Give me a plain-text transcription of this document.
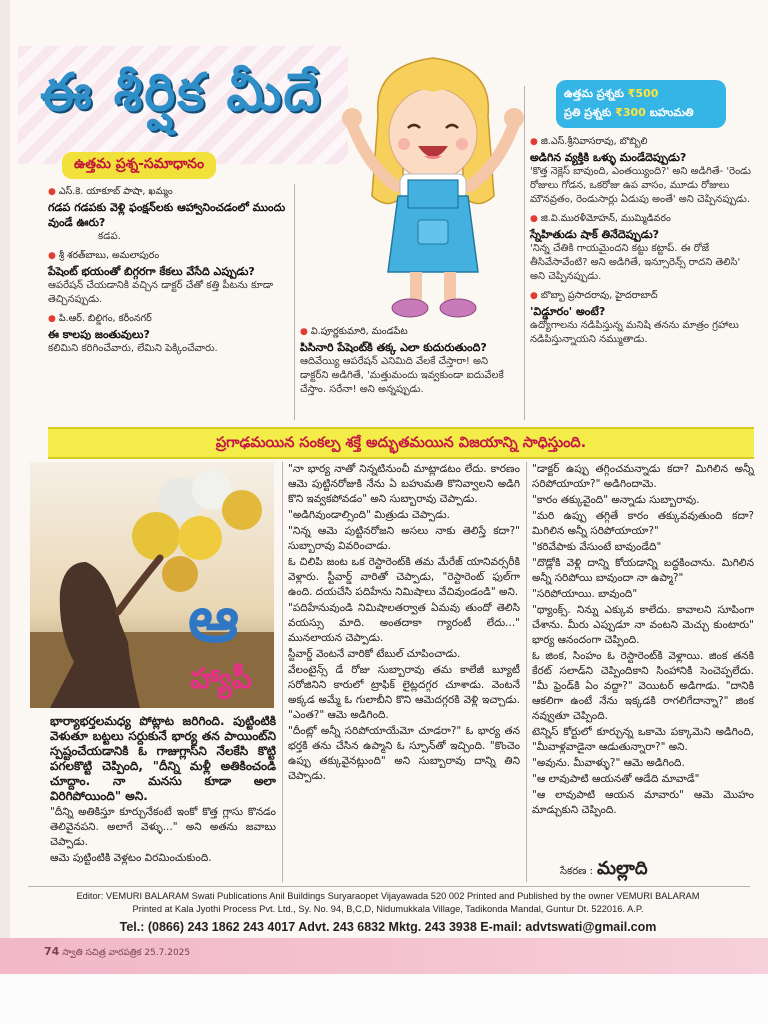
ఈ శీర్షిక మీదే
ఉత్తమ ప్రశ్న-సమాధానం
ఉత్తమ ప్రశ్నకు ₹500
ప్రతి ప్రశ్నకు ₹300 బహుమతి
● ఎస్.కె. యాకూబ్ పాషా, ఖమ్మం
గడప గడపకు వెళ్లి ఫంక్షన్‌లకు ఆహ్వానించడంలో ముందు వుండే ఊరు?
కడప.
● శ్రీ శరత్‌బాబు, అమలాపురం
పేషెంట్ భయంతో బిగ్గరగా కేకలు వేసేది ఎప్పుడు?
ఆపరేషన్ చేయడానికి వచ్చిన డాక్టర్ చేతో కత్తి పీటను కూడా తెచ్చినప్పుడు.
● పి.ఆర్. బిల్డిగం, కరీంనగర్
ఈ కాలపు జంతువులు?
కలిమిని కరిగించేవారు, లేమిని పెక్కించేవారు.
● వి.పూర్ణకుమారి, మండపేట
పిసినారి పేషెంట్‌కి తక్క ఎలా కుదురుతుంది?
ఆదివేయ్యి ఆపరేషన్ ఎనిమిది వేలకే చేస్తారా! అని డాక్టర్‌ని అడిగితే, 'మత్తుమందు ఇవ్వకుండా ఐదువేలకే చేస్తాం. సరేనా! అని అన్నప్పుడు.
● జి.ఎస్.శ్రీనివాసరావు, బొబ్బిలి
అడిగిన వ్యక్తికి ఒళ్ళు మండేదెప్పుడు?
'కొత్త నెక్లెస్ బావుంది, ఎంతయ్యింది?' అని అడిగితే- 'రెండు రోజులు గోడన, ఒకరోజు ఉప వాసం, మూడు రోజులు మౌనవ్రతం, రెండుసార్లు ఏడుపు అంతే' అని చెప్పినప్పుడు.
● జి.వి.మురళీమోహన్, ముమ్మిడివరం
స్నేహితుడు షాక్ తినేదెప్పుడు?
'నిన్న చేతికి గాయమైందని కట్టు కట్టాప్. ఈ రోజే తీసివేసావేంటి? అని అడిగితే, ఇన్సూరెన్స్ రాదని తెలిసి' అని చెప్పినప్పుడు.
● బొబ్బా ప్రసాదరావు, హైదరాబాద్
'విడ్డూరం' అంటే?
ఉద్యోగాలను నడిపిస్తున్న మనిషి తనను మాత్రం గ్రహాలు నడిపిస్తున్నాయని నమ్ముతాడు.
ప్రగాఢమయిన సంకల్ప శక్తే అద్భుతమయిన విజయాన్ని సాధిస్తుంది.
ఆ
హ్యాపీ

భార్యాభర్తలమధ్య పోట్లాట జరిగింది. పుట్టింటికి వెళుతూ బట్టలు సర్దుకునే భార్య తన పాయింట్‌ని స్పష్టంచేయడానికి ఓ గాజుగ్లాస్‌ని నేలకేసి కొట్టి పగలకొట్టి చెప్పింది, "దీన్ని మళ్లీ అతికించండి చూద్దాం. నా మనసు కూడా అలా విరిగిపోయింది" అని.

"దీన్ని అతికిస్తూ కూర్చునేకంటే ఇంకో కొత్త గ్లాసు కొనడం తెలివైనపని. అలాగే వెళ్ళు..." అని అతను జవాబు చెప్పాడు.

ఆమె పుట్టింటికి వెళ్లటం విరమించుకుంది.

"నా భార్య నాతో నిన్నటినుంచీ మాట్లాడటం లేదు. కారణం ఆమె పుట్టినరోజుకి నేను ఏ బహుమతి కొనివ్వాలని అడిగి కొని ఇవ్వకపోవడం" అని సుబ్బారావు చెప్పాడు.

"అడిగివుండాల్సింది" మిత్రుడు చెప్పాడు.

"నిన్న ఆమె పుట్టినరోజని అసలు నాకు తెలిస్తే కదా?" సుబ్బారావు వివరించాడు.

ఓ చిలిపి జంట ఒక రెస్టారెంట్‌కి తమ మేరేజ్ యానివర్సరీకి వెళ్లారు. స్టీవార్డ్ వారితో చెప్పాడు, "రెస్టారెంట్ ఫుల్‌గా ఉంది. దయచేసి పదిహేను నిమిషాలు వేచివుండండి" అని.

"పదిహేనువుండి నిమిషాలతర్వాత ఏమవు తుందో తెలిసి వయస్సు మాది. అంతదాకా గ్యారంటీ లేదు..." మునలాయన చెప్పాడు.

స్టీవార్డ్ వెంటనే వారికో టేబుల్ చూపించాడు.

వేలంటైన్స్ డే రోజు సుబ్బారావు తమ కాలేజీ బ్యూటీ సరోజినిని కారులో ట్రాఫిక్ లైట్లదగ్గర చూశాడు. వెంటనే అక్కడ అమ్మే ఓ గులాబీని కొని ఆమెదగ్గరకి వెళ్లి ఇచ్చాడు. "ఎంత?" ఆమె అడిగింది.

"దీంట్లో అన్నీ సరిపోయాయేమో చూడరా?" ఓ భార్య తన భర్తకి తను చేసిన ఉప్మాని ఓ స్పూన్‌తో ఇచ్చింది. "కొంచెం ఉప్పు తక్కువైనట్లుంది" అని సుబ్బారావు దాన్ని తిని చెప్పాడు.

"డాక్టర్ ఉప్పు తగ్గించమన్నాడు కదా? మిగిలిన అన్నీ సరిపోయాయా?" అడిగిందామె.

"కారం తక్కువైంది" అన్నాడు సుబ్బారావు.

"మరి ఉప్పు తగ్గితే కారం తక్కువవుతుంది కదా? మిగిలిన అన్నీ సరిపోయాయా?"

"కరివేపాకు వేసుంటే బావుండేది"

"దొడ్లోకి వెళ్లి దాన్ని కోయడాన్ని బద్ధకించాను. మిగిలిన అన్నీ సరిపోయి బావుందా నా ఉప్మా?"

"సరిపోయాయి. బావుంది"

"థ్యాంక్స్. నిన్ను ఎక్కువ కాలేదు. కావాలని సూపింగా చేశాను. మీరు ఎప్పుడూ నా వంటని మెచ్చు కుంటారు" భార్య ఆనందంగా చెప్పింది.

ఓ జింక, సింహం ఓ రెస్టారెంట్‌కి వెళ్లాయి. జింక తనకి కేరట్ సలాడ్‌ని చెప్పిందికాని సింహానికి సెంచెప్పలేదు. "మీ ఫ్రెండ్‌కి ఏం వద్దా?" వెయిటర్ అడిగాడు. "దానికి ఆకలిగా ఉంటే నేను ఇక్కడకి రాగలిగేదాన్నా?" జింక నవ్వుతూ చెప్పింది.

టెన్నిస్ కోర్టులో కూర్చున్న ఒకామె పక్కామెని అడిగింది, "మీవాళ్లవాడైనా ఆడుతున్నారా?" అని.

"అవును. మీవాళ్ళు?" ఆమె అడిగింది.

"ఆ లావుపాటి ఆయనతో ఆడేది మావాడే"

"ఆ లావుపాటి ఆయన మావారు" ఆమె మొహం మాడ్చుకుని చెప్పింది.

సేకరణ : మల్లాది
Editor: VEMURI BALARAM Swati Publications Anil Buildings Suryaraopet Vijayawada 520 002 Printed and Published by the owner VEMURI BALARAM
Printed at Kala Jyothi Process Pvt. Ltd., Sy. No. 94, B,C,D, Nidumukkala Village, Tadikonda Mandal, Guntur Dt. 522016. A.P.
Tel.: (0866) 243 1862 243 4017 Advt. 243 6832 Mktg. 243 3938 E-mail: advtswati@gmail.com
74 స్వాతి సచిత్ర వారపత్రిక 25.7.2025
